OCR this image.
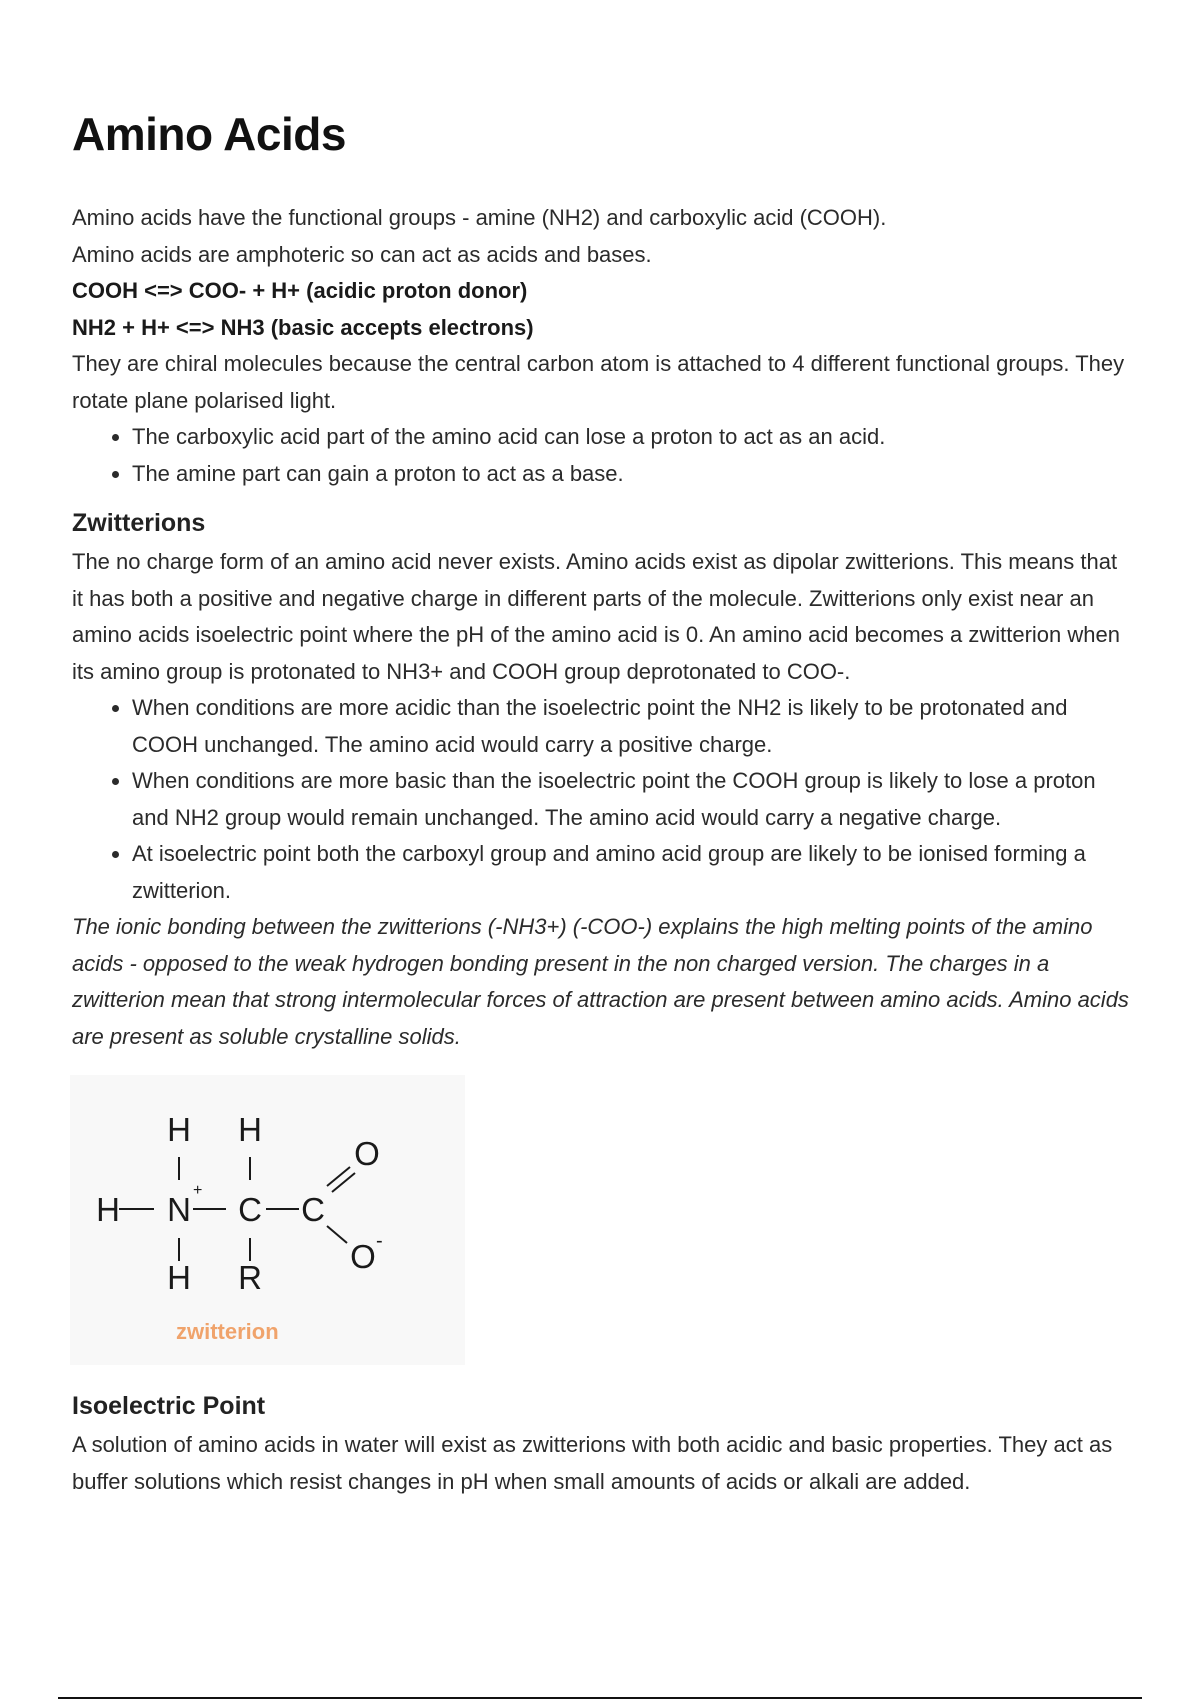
Amino Acids

Amino acids have the functional groups - amine (NH2) and carboxylic acid (COOH).

Amino acids are amphoteric so can act as acids and bases.

COOH <=> COO- + H+ (acidic proton donor)

NH2 + H+ <=> NH3 (basic accepts electrons)

They are chiral molecules because the central carbon atom is attached to 4 different functional groups. They rotate plane polarised light.

• The carboxylic acid part of the amino acid can lose a proton to act as an acid.
• The amine part can gain a proton to act as a base.
Zwitterions

The no charge form of an amino acid never exists. Amino acids exist as dipolar zwitterions. This means that it has both a positive and negative charge in different parts of the molecule. Zwitterions only exist near an amino acids isoelectric point where the pH of the amino acid is 0. An amino acid becomes a zwitterion when its amino group is protonated to NH3+ and COOH group deprotonated to COO-.

• When conditions are more acidic than the isoelectric point the NH2 is likely to be protonated and COOH unchanged. The amino acid would carry a positive charge.
• When conditions are more basic than the isoelectric point the COOH group is likely to lose a proton and NH2 group would remain unchanged. The amino acid would carry a negative charge.
• At isoelectric point both the carboxyl group and amino acid group are likely to be ionised forming a zwitterion.

The ionic bonding between the zwitterions (-NH3+) (-COO-) explains the high melting points of the amino acids - opposed to the weak hydrogen bonding present in the non charged version. The charges in a zwitterion mean that strong intermolecular forces of attraction are present between amino acids. Amino acids are present as soluble crystalline solids.

H H
H N
+
C C
O
O -
H R
zwitterion
Isoelectric Point

A solution of amino acids in water will exist as zwitterions with both acidic and basic properties. They act as buffer solutions which resist changes in pH when small amounts of acids or alkali are added.
